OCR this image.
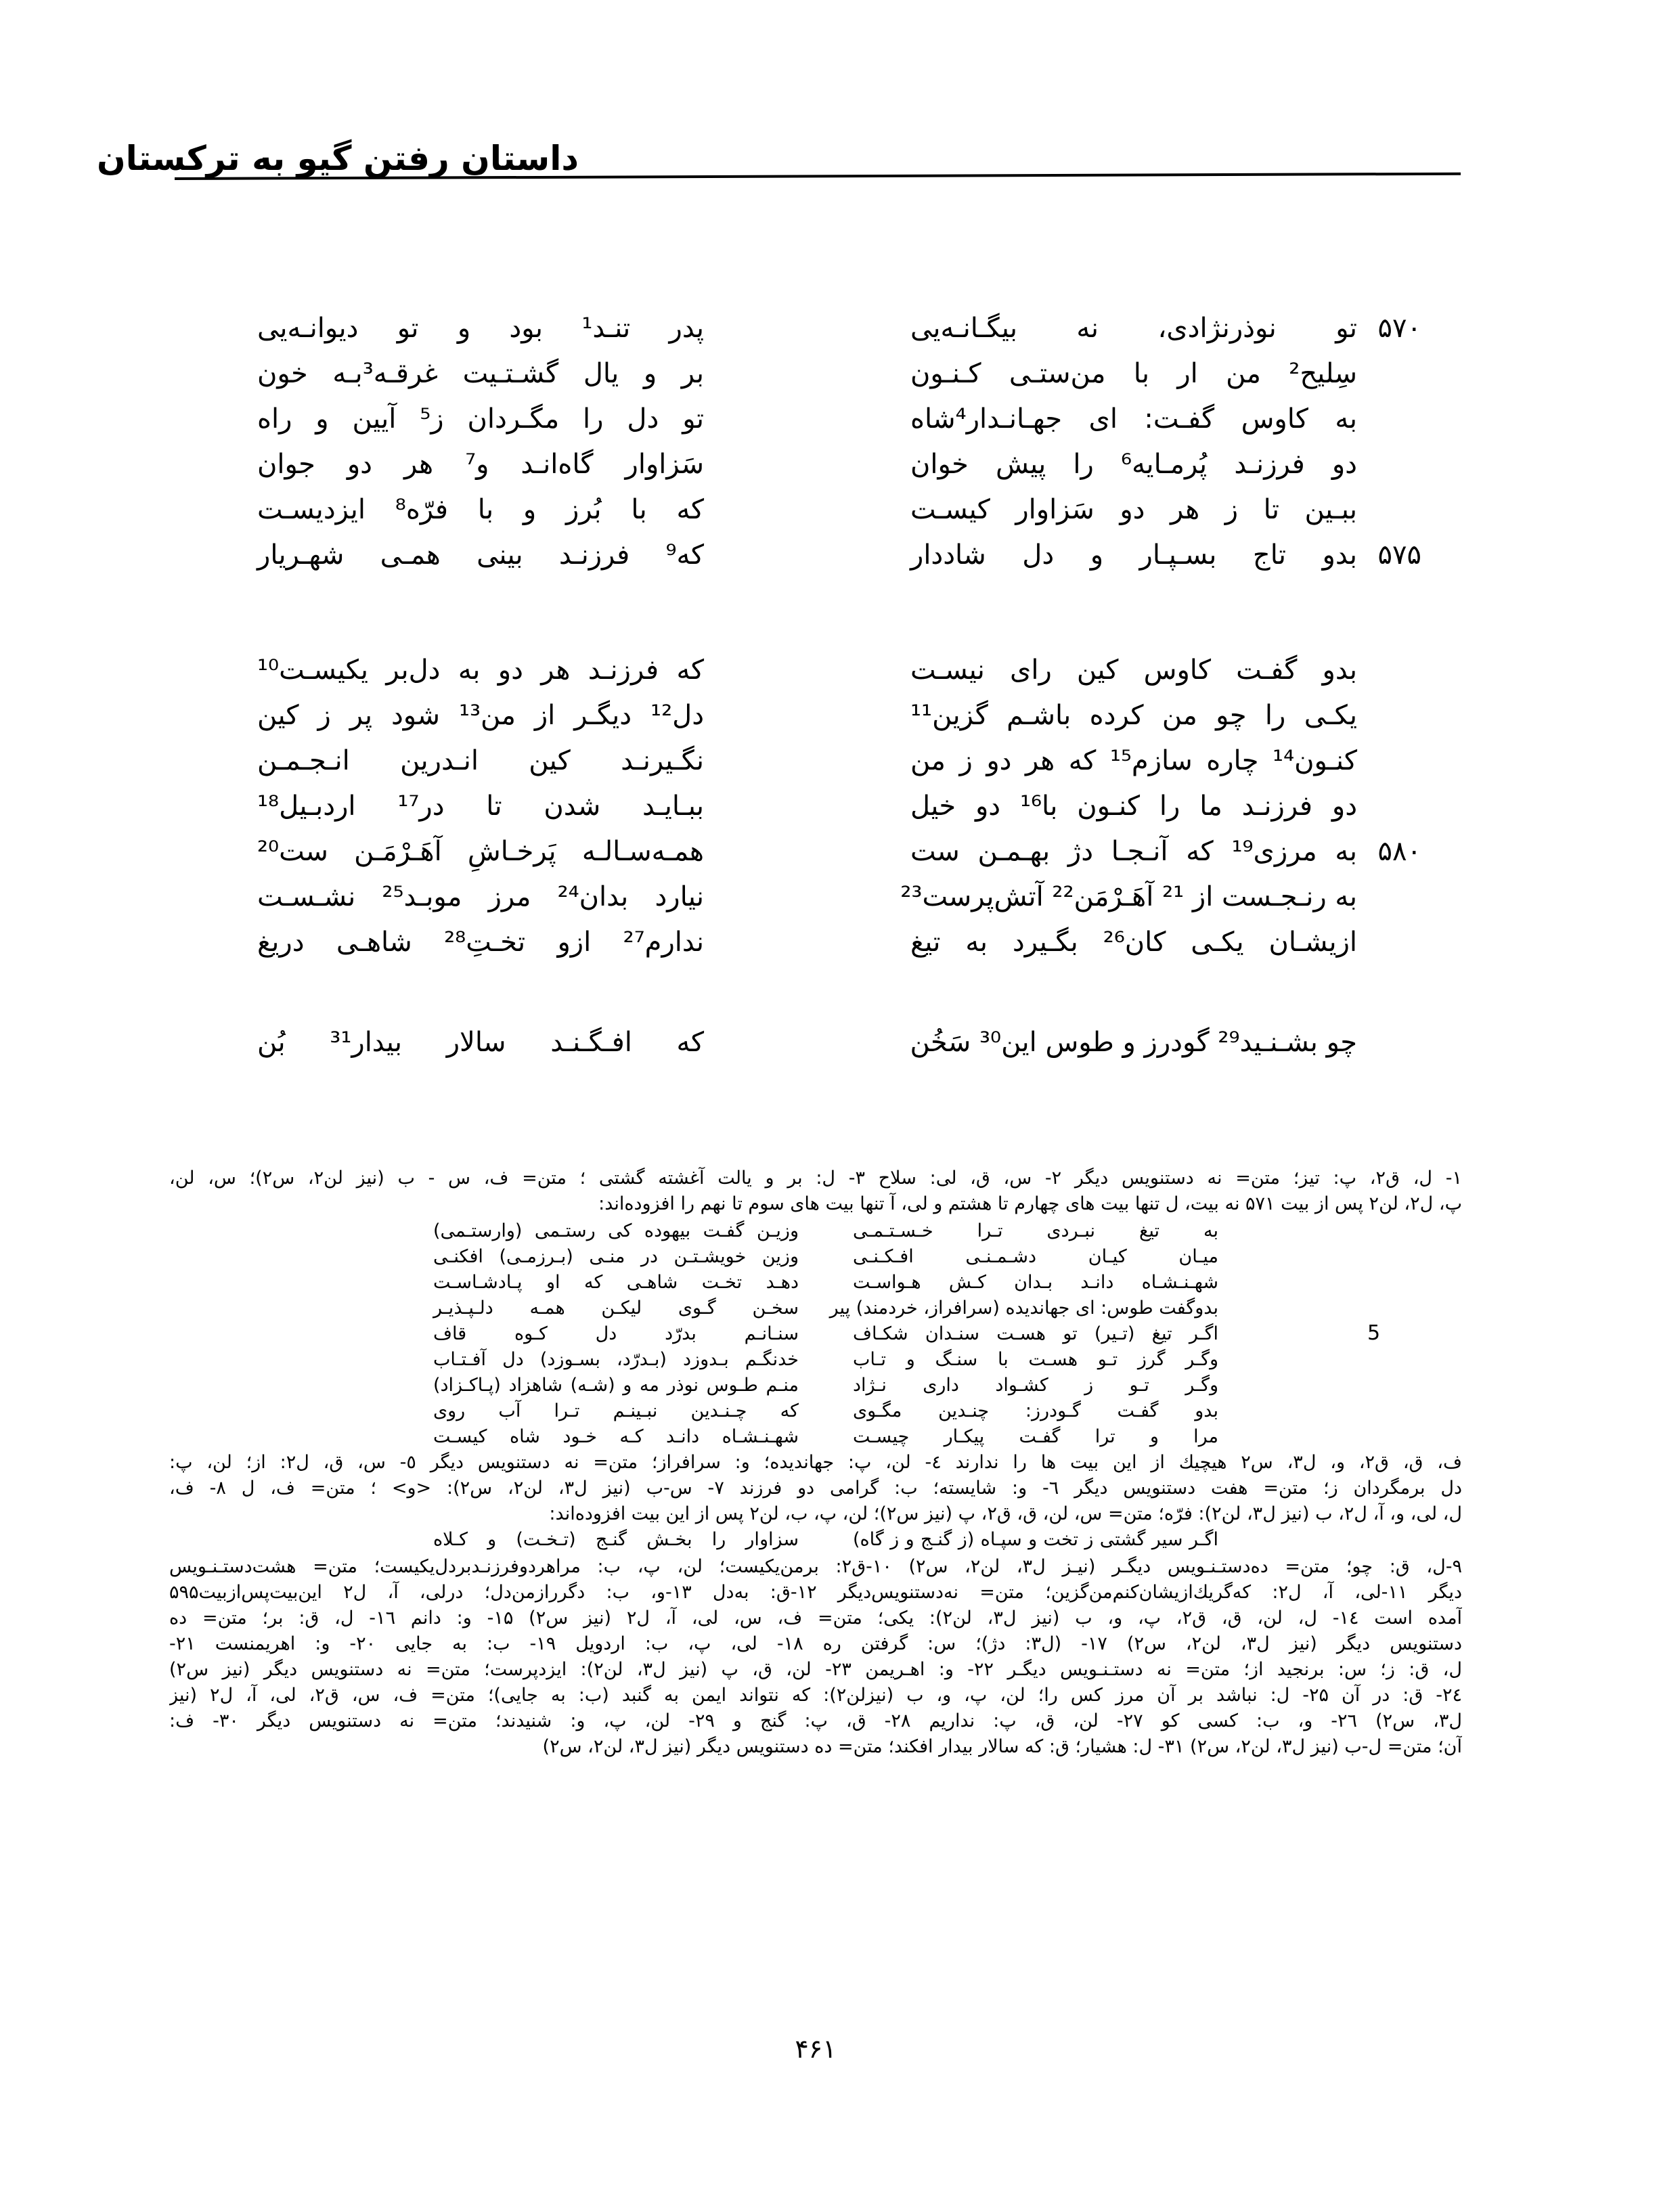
داستان رفتن گیو به ترکستان
۵۷۰
تو نوذرنژادی، نه بیگـانـه‌یی
پدر تنـد¹ بود و تو دیوانـه‌یی
سِلیح² من ار با من‌ستـی کـنـون
بر و یال گشـتـیت غرقـه³بـه خون
به کاوس گفـت: ای جهـانـدار⁴شاه
تو دل را مگـردان ز⁵ آیین و راه
دو فرزنـد پُرمـایه⁶ را پیش خوان
سَزاوار گاه‌انـد و⁷ هر دو جوان
ببـین تا ز هر دو سَزاوار کیسـت
که با بُرز و با فرّه⁸ ایزدیسـت
۵۷۵
بدو تاج بسـپـار و دل شاددار
که⁹ فرزنـد بینی همـی شهـریار
بدو گفـت کاوس کین رای نیسـت
که فرزنـد هر دو به دل‌بر یکیسـت¹⁰
یکـی را چو من کرده باشـم گزین¹¹
دل¹² دیگـر از من¹³ شود پر ز کین
کنـون¹⁴ چاره سازم¹⁵ که هر دو ز من
نگـیرنـد کین انـدرین انـجـمـن
دو فرزنـد ما را کنـون با¹⁶ دو خیل
ببـایـد شدن تا در¹⁷ اردبـیل¹⁸
۵۸۰
به مرزی¹⁹ که آنـجـا دژ بهـمـن ست
همـه‌سـالـه پَرخـاشِ آهَـرْمَـن ست²⁰
به رنـجـست از ²¹ آهَـرْمَن²² آتش‌پرست²³
نیارد بدان²⁴ مرز موبـد²⁵ نشـسـت
ازیشـان یکـی کان²⁶ بگـیرد به تیغ
ندارم²⁷ ازو تخـتِ²⁸ شاهـی دریغ
چو بشـنـید²⁹ گودرز و طوس این³⁰ سَخُن
که افـگـنـد سالار بیدار³¹ بُن
۱- ل، ق٢، پ: تیز؛ متن= نه دستنویس دیگر ۲- س، ق، لی: سلاح ۳- ل: بر و یالت آغشته گشتی ؛ متن= ف، س - ب (نیز لن٢، س٢)؛ س، لن،
پ، ل٢، لن٢ پس از بیت ۵۷۱ نه بیت، ل تنها بیت های چهارم تا هشتم و لی، آ تنها بیت های سوم تا نهم را افزوده‌اند:
به تیغ نبـردی تـرا خـسـتـمـی
وزیـن گفـت بیهوده کی رستـمی (وارستـمی)
میـان کیـان دشـمـنـی افـکـنـی
وزین خویشـتـن در منـی (بـرزمـی) افکنـی
شهـنـشـاه دانـد بـدان کـش هـواسـت
دهـد تخـت شاهـی که او پـادشـاسـت
بدوگفت طوس: ای جهاندیده (سرافراز، خردمند) پیر
سخـن گـوی لیکـن همـه دلـپـذیـر
اگـر تیغ (تـیر) تو هسـت سنـدان شکـاف
سنـانـم بدرّد دل کـوه قاف
وگـر گرز تـو هسـت با سنـگ و تـاب
خدنگـم بـدوزد (بـدرّد، بسـوزد) دل آفـتـاب
وگـر تـو ز کشـواد داری نـژاد
منـم طـوس نوذر مه و (شـه) شاهزاد (پـاکـزاد)
بدو گفـت گـودرز: چنـدین مگـوی
که چـنـدین نبـینـم تـرا آب روی
مرا و ترا گفـت پیکـار چیسـت
شهـنـشـاه دانـد کـه خـود شاه کیسـت
5
ف، ق، ق٢، و، ل٣، س٢ هیچیك از این بیت ها را ندارند ٤- لن، پ: جهاندیده؛ و: سرافراز؛ متن= نه دستنویس دیگر ٥- س، ق، ل٢: از؛ لن، پ:
دل برمگردان ز؛ متن= هفت دستنویس دیگر ٦- و: شایسته؛ ب: گرامی دو فرزند ٧- س-ب (نیز ل٣، لن٢، س٢): <و> ؛ متن= ف، ل ٨- ف،
ل، لی، و، آ، ل٢، ب (نیز ل٣، لن٢): فرّه؛ متن= س، لن، ق، ق٢، پ (نیز س٢)؛ لن، پ، ب، لن٢ پس از این بیت افزوده‌اند:
اگـر سیر گشتی ز تخت و سپـاه (ز گنـج و ز گاه)
سزاوار را بخـش گنـج (تـخـت) و کـلاه
۹-ل، ق: چو؛ متن= ده‌دستـنـویس دیگـر (نیـز ل٣، لن٢، س٢) ۱۰-ق٢: برمن‌یکیست؛ لن، پ، ب: مراهردوفرزنـدبردل‌یکیست؛ متن= هشت‌دستـنـویس
دیگر ۱۱-لی، آ، ل٢: که‌گریك‌ازیشان‌کنم‌من‌گزین؛ متن= نه‌دستنویس‌دیگر ۱۲-ق: به‌دل ۱۳-و، ب: دگرراز‌من‌دل؛ درلی، آ، ل٢ این‌بیت‌پس‌ازبیت۵۹۵
آمده است ۱٤- ل، لن، ق، ق٢، پ، و، ب (نیز ل٣، لن٢): یکی؛ متن= ف، س، لی، آ، ل٢ (نیز س٢) ۱۵- و: دانم ۱٦- ل، ق: بر؛ متن= ده
دستنویس دیگر (نیز ل٣، لن٢، س٢) ۱۷- (ل٣: دژ)؛ س: گرفتن ره ۱۸- لی، پ، ب: اردویل ۱۹- ب: به جایی ۲۰- و: اهریمنست ۲۱-
ل، ق: ز؛ س: برنجید از؛ متن= نه دستـنـویس دیگـر ۲۲- و: اهـریمن ۲۳- لن، ق، پ (نیز ل٣، لن٢): ایزدپرست؛ متن= نه دستنویس دیگر (نیز س٢)
۲٤- ق: در آن ۲۵- ل: نباشد بر آن مرز کس را؛ لن، پ، و، ب (نیزلن٢): که نتواند ایمن به گنبد (ب: به جایی)؛ متن= ف، س، ق٢، لی، آ، ل٢ (نیز
ل٣، س٢) ۲٦- و، ب: کسی کو ۲۷- لن، ق، پ: نداریم ۲۸- ق، پ: گنج و ۲۹- لن، پ، و: شنیدند؛ متن= نه دستنویس دیگر ۳۰- ف:
آن؛ متن= ل-ب (نیز ل٣، لن٢، س٢) ۳۱- ل: هشیار؛ ق: که سالار بیدار افکند؛ متن= ده دستنویس دیگر (نیز ل٣، لن٢، س٢)
۴۶۱
